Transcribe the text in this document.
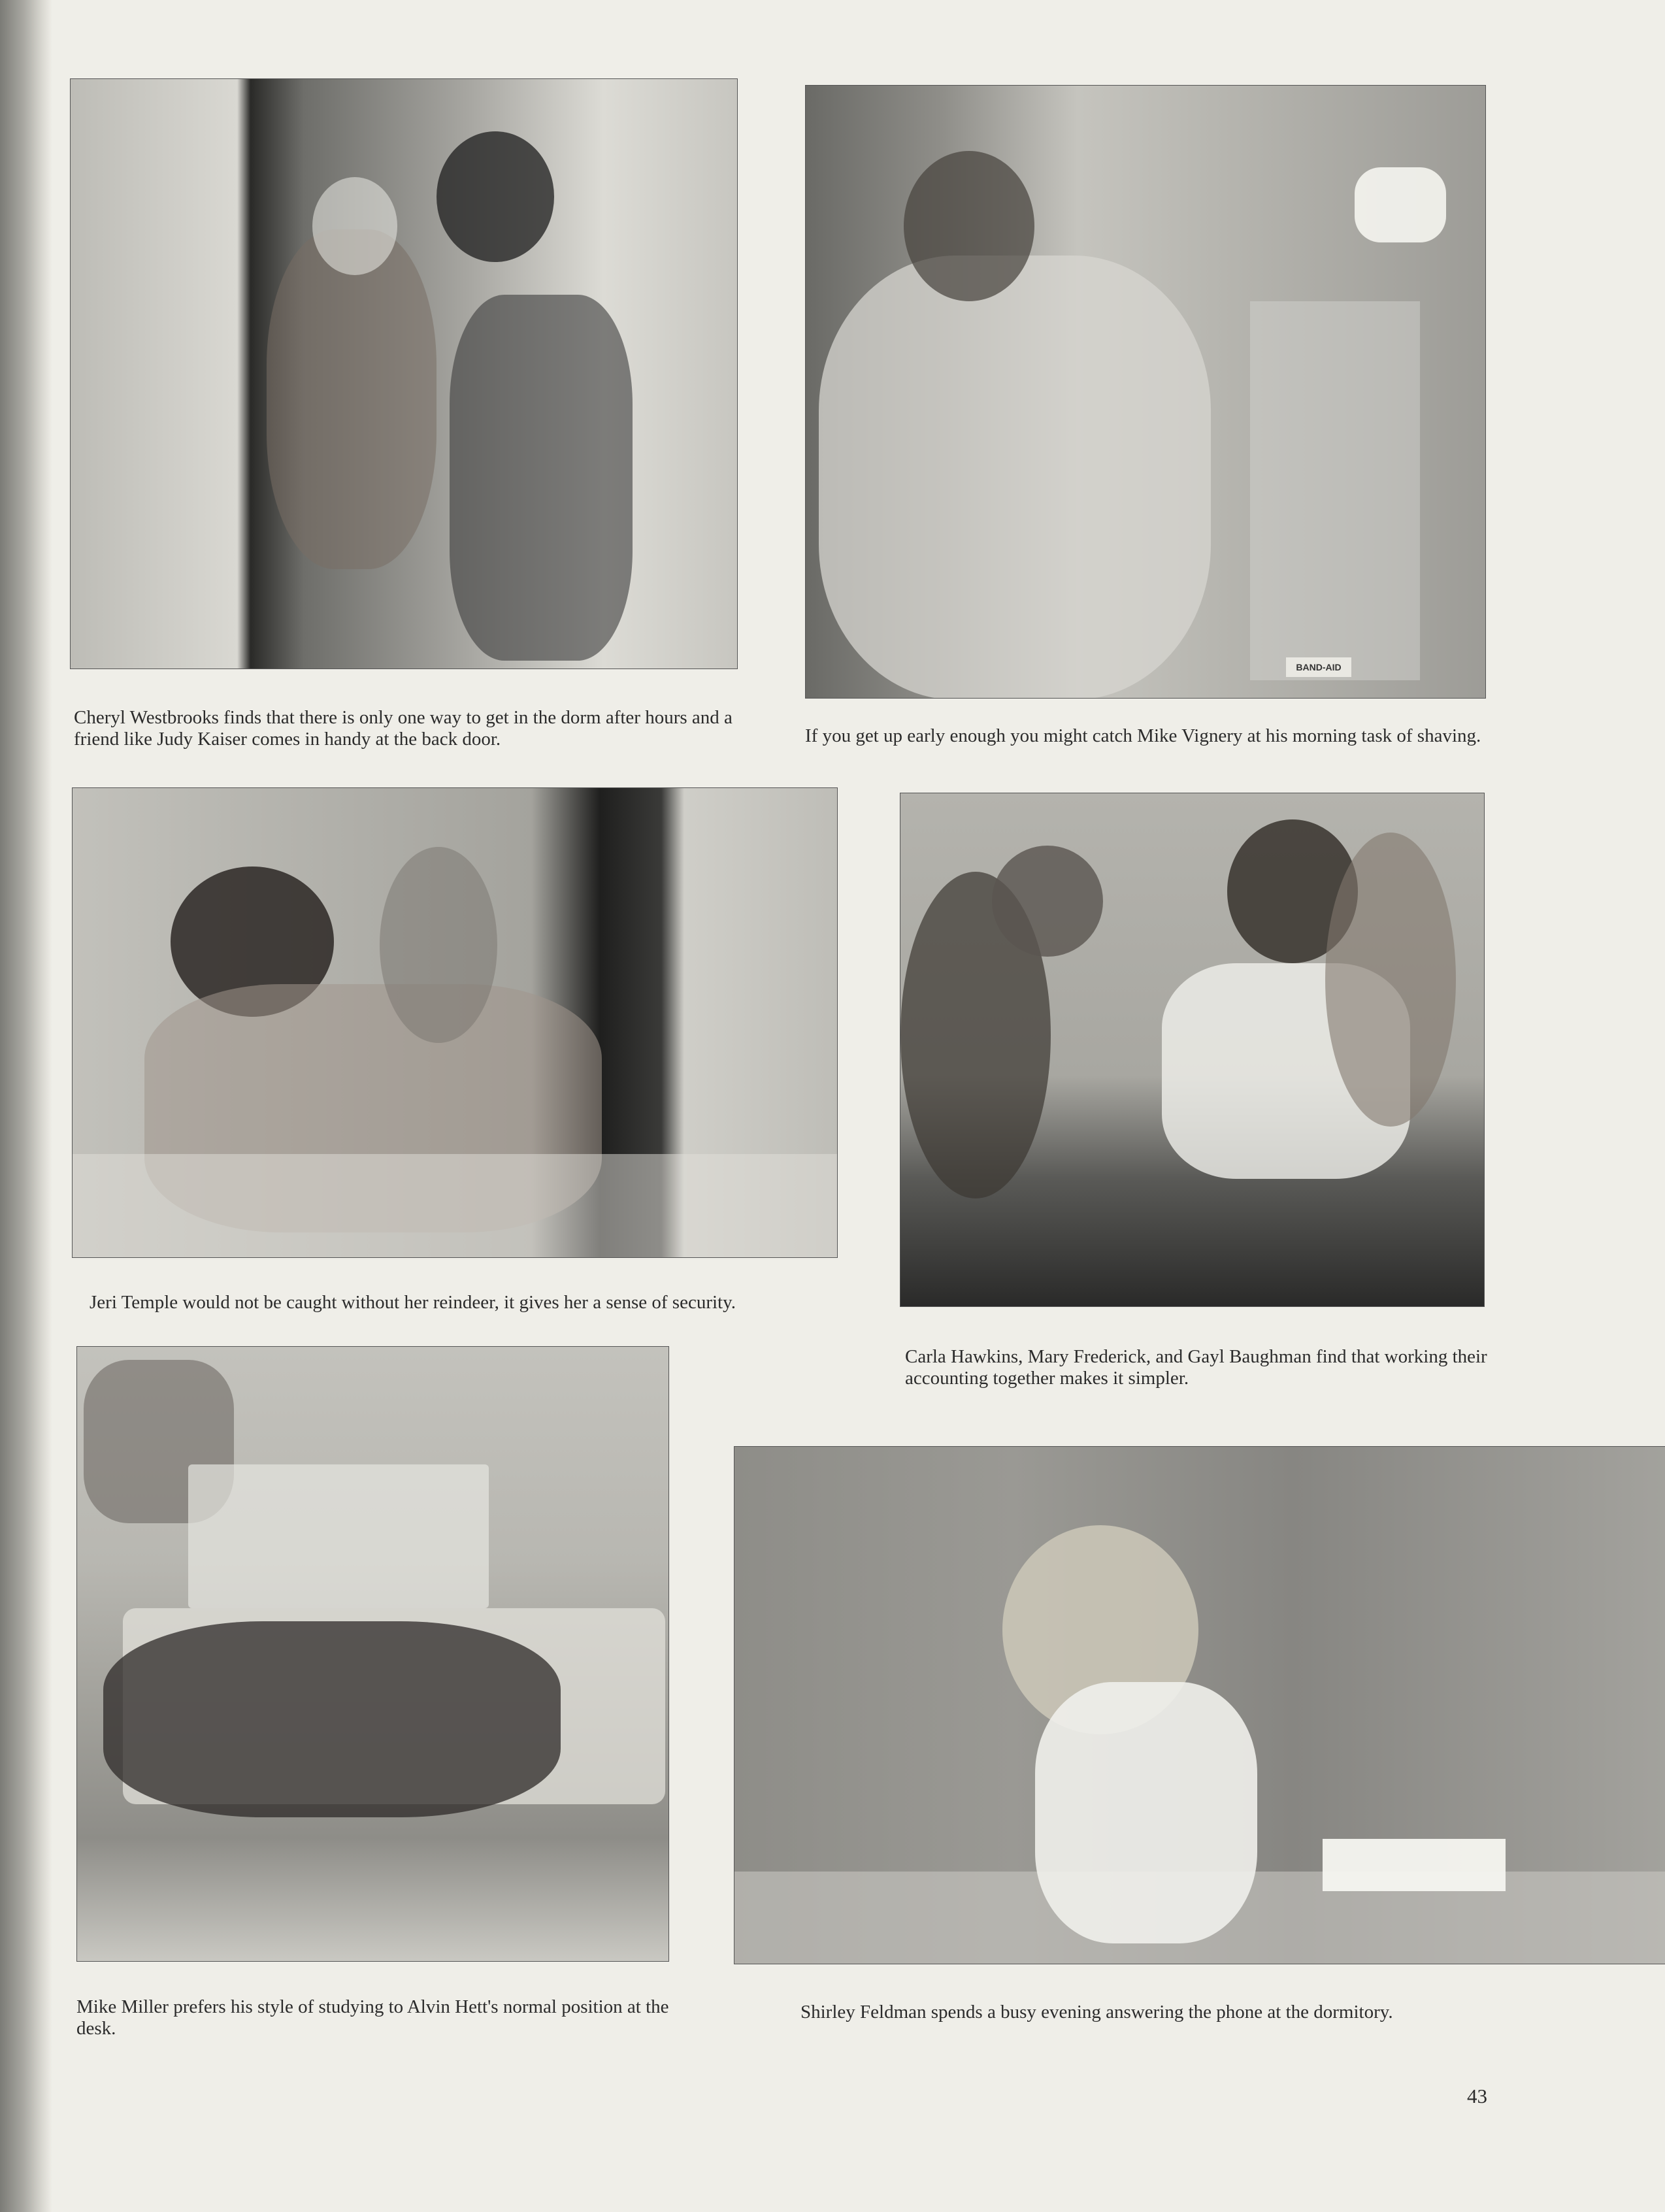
Cheryl Westbrooks finds that there is only one way to get in the dorm after hours and a friend like Judy Kaiser comes in handy at the back door.
BAND-AID
If you get up early enough you might catch Mike Vignery at his morning task of shaving.
Jeri Temple would not be caught without her reindeer, it gives her a sense of security.
Carla Hawkins, Mary Frederick, and Gayl Baughman find that working their accounting together makes it simpler.
Mike Miller prefers his style of studying to Alvin Hett's normal position at the desk.
Shirley Feldman spends a busy evening answering the phone at the dormitory.
43
